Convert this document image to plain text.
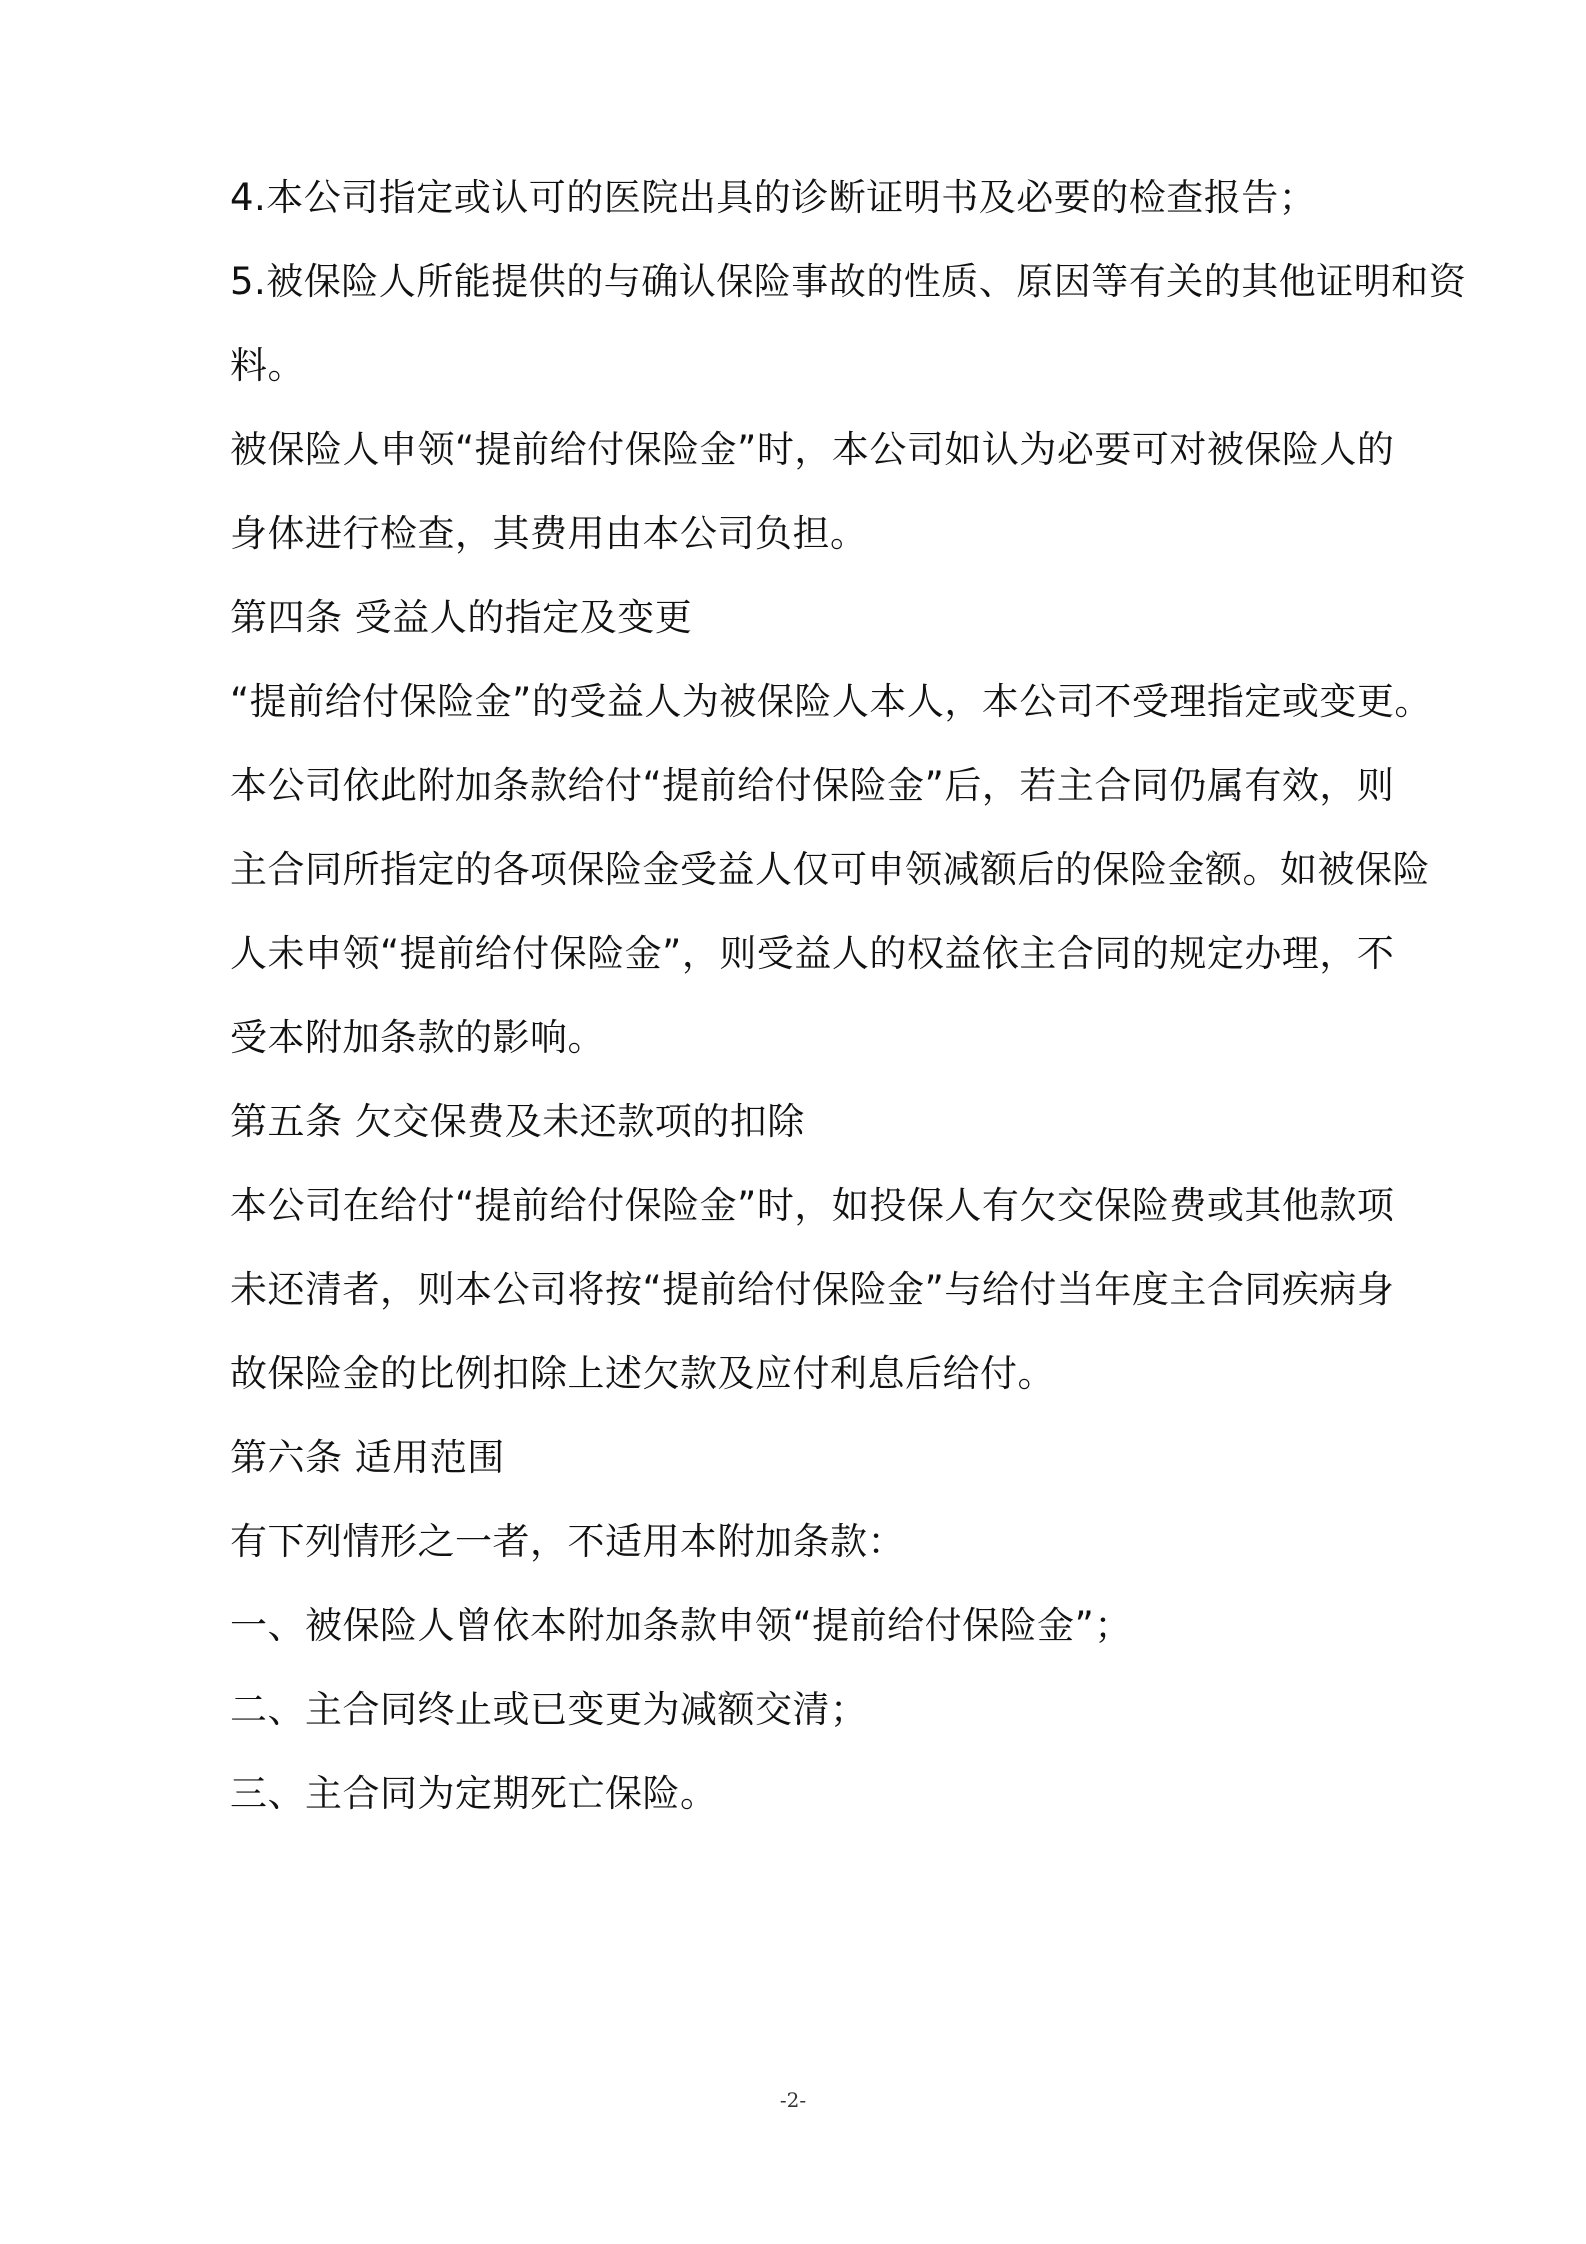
4.本公司指定或认可的医院出具的诊断证明书及必要的检查报告；

5.被保险人所能提供的与确认保险事故的性质、原因等有关的其他证明和资

料。

被保险人申领“提前给付保险金”时，本公司如认为必要可对被保险人的

身体进行检查，其费用由本公司负担。

第四条 受益人的指定及变更

“提前给付保险金”的受益人为被保险人本人，本公司不受理指定或变更。

本公司依此附加条款给付“提前给付保险金”后，若主合同仍属有效，则

主合同所指定的各项保险金受益人仅可申领减额后的保险金额。如被保险

人未申领“提前给付保险金”，则受益人的权益依主合同的规定办理，不

受本附加条款的影响。

第五条 欠交保费及未还款项的扣除

本公司在给付“提前给付保险金”时，如投保人有欠交保险费或其他款项

未还清者，则本公司将按“提前给付保险金”与给付当年度主合同疾病身

故保险金的比例扣除上述欠款及应付利息后给付。

第六条 适用范围

有下列情形之一者，不适用本附加条款：

一、被保险人曾依本附加条款申领“提前给付保险金”；

二、主合同终止或已变更为减额交清；

三、主合同为定期死亡保险。

-2-
